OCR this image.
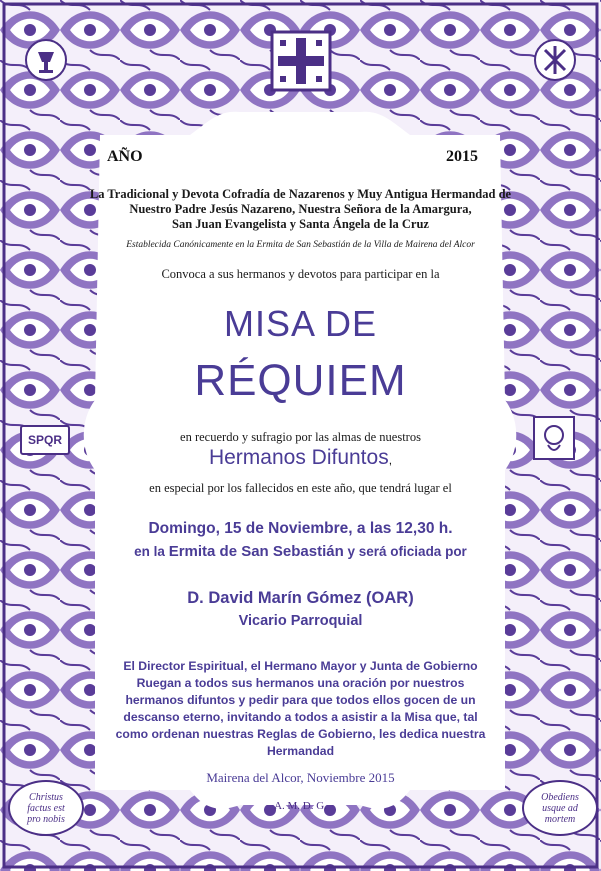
SPQR
Christus
factus est
pro nobis
Obediens
usque ad
mortem
AÑO	2015
La Tradicional y Devota Cofradía de Nazarenos y Muy Antigua Hermandad de
Nuestro Padre Jesús Nazareno, Nuestra Señora de la Amargura,
San Juan Evangelista y Santa Ángela de la Cruz
Establecida Canónicamente en la Ermita de San Sebastián de la Villa de Mairena del Alcor
Convoca a sus hermanos y devotos para participar en la
MISA DE
RÉQUIEM
en recuerdo y sufragio por las almas de nuestros
Hermanos Difuntos,
en especial por los fallecidos en este año, que tendrá lugar el
Domingo, 15 de Noviembre, a las 12,30 h.
en la Ermita de San Sebastián y será oficiada por
D. David Marín Gómez (OAR)
Vicario Parroquial
El Director Espiritual, el Hermano Mayor y Junta de Gobierno
Ruegan a todos sus hermanos una oración por nuestros
hermanos difuntos y pedir para que todos ellos gocen de un
descanso eterno, invitando a todos a asistir a la Misa que, tal
como ordenan nuestras Reglas de Gobierno, les dedica nuestra
Hermandad
Mairena del Alcor, Noviembre 2015
A. M. D. G.
